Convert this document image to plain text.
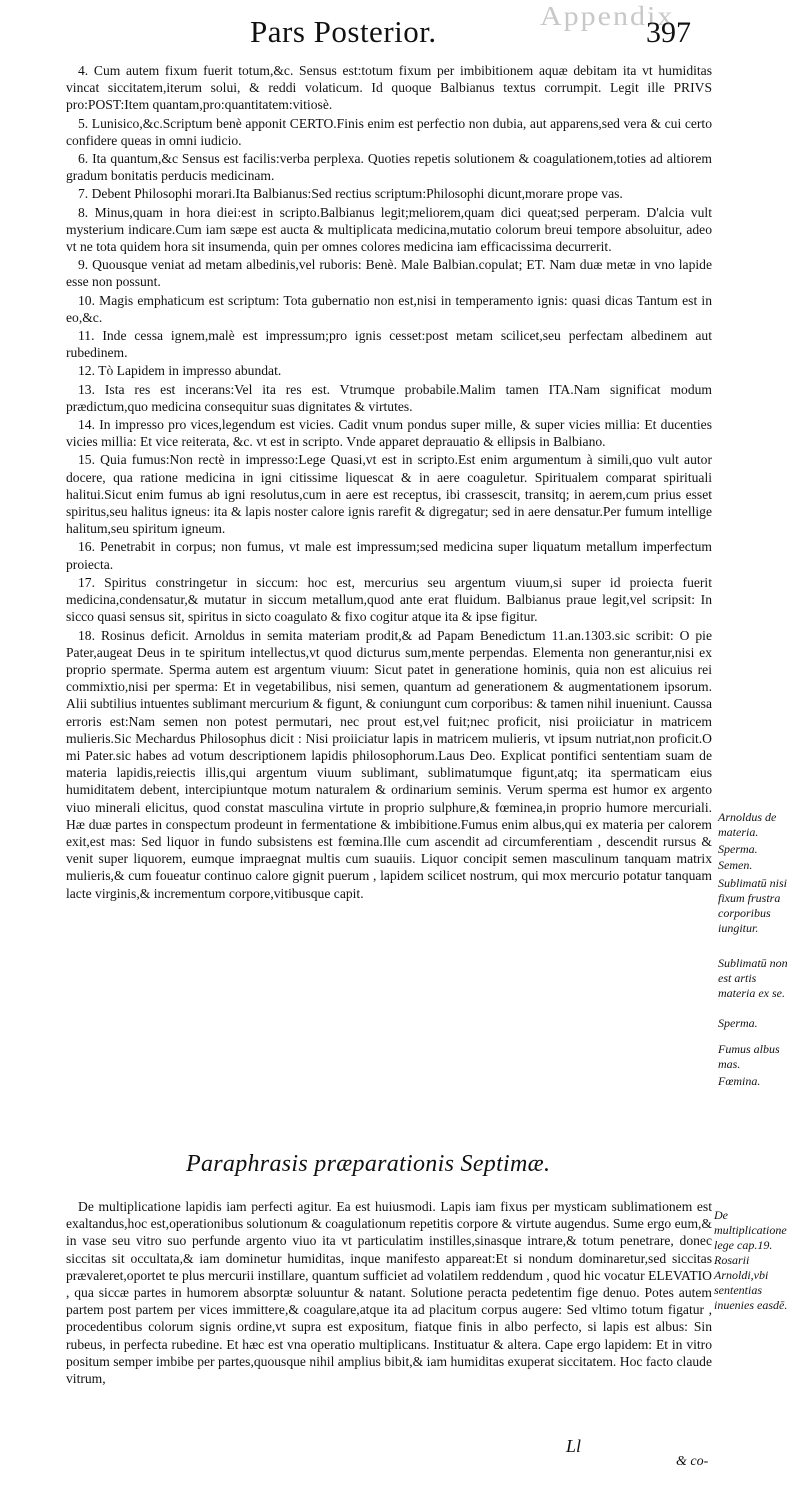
Appendix
Pars Posterior.	397

4. Cum autem fixum fuerit totum,&c. Sensus est:totum fixum per imbibitionem aquæ debitam ita vt humiditas vincat siccitatem,iterum solui, & reddi volaticum. Id quoque Balbianus textus corrumpit. Legit ille PRIVS pro:POST:Item quantam,pro:quantitatem:vitiosè.

5. Lunisico,&c.Scriptum benè apponit CERTO.Finis enim est perfectio non dubia, aut apparens,sed vera & cui certo confidere queas in omni iudicio.

6. Ita quantum,&c Sensus est facilis:verba perplexa. Quoties repetis solutionem & coagulationem,toties ad altiorem gradum bonitatis perducis medicinam.

7. Debent Philosophi morari.Ita Balbianus:Sed rectius scriptum:Philosophi dicunt,morare prope vas.

8. Minus,quam in hora diei:est in scripto.Balbianus legit;meliorem,quam dici queat;sed perperam. D'alcia vult mysterium indicare.Cum iam sæpe est aucta & multiplicata medicina,mutatio colorum breui tempore absoluitur, adeo vt ne tota quidem hora sit insumenda, quin per omnes colores medicina iam efficacissima decurrerit.

9. Quousque veniat ad metam albedinis,vel ruboris: Benè. Male Balbian.copulat; ET. Nam duæ metæ in vno lapide esse non possunt.

10. Magis emphaticum est scriptum: Tota gubernatio non est,nisi in temperamento ignis: quasi dicas Tantum est in eo,&c.

11. Inde cessa ignem,malè est impressum;pro ignis cesset:post metam scilicet,seu perfectam albedinem aut rubedinem.

12. Tò Lapidem in impresso abundat.

13. Ista res est incerans:Vel ita res est. Vtrumque probabile.Malim tamen ITA.Nam significat modum prædictum,quo medicina consequitur suas dignitates & virtutes.

14. In impresso pro vices,legendum est vicies. Cadit vnum pondus super mille, & super vicies millia: Et ducenties vicies millia: Et vice reiterata, &c. vt est in scripto. Vnde apparet deprauatio & ellipsis in Balbiano.

15. Quia fumus:Non rectè in impresso:Lege Quasi,vt est in scripto.Est enim argumentum à simili,quo vult autor docere, qua ratione medicina in igni citissime liquescat & in aere coaguletur. Spiritualem comparat spirituali halitui.Sicut enim fumus ab igni resolutus,cum in aere est receptus, ibi crassescit, transitq; in aerem,cum prius esset spiritus,seu halitus igneus: ita & lapis noster calore ignis rarefit & digregatur; sed in aere densatur.Per fumum intellige halitum,seu spiritum igneum.

16. Penetrabit in corpus; non fumus, vt male est impressum;sed medicina super liquatum metallum imperfectum proiecta.

17. Spiritus constringetur in siccum: hoc est, mercurius seu argentum viuum,si super id proiecta fuerit medicina,condensatur,& mutatur in siccum metallum,quod ante erat fluidum. Balbianus praue legit,vel scripsit: In sicco quasi sensus sit, spiritus in sicto coagulato & fixo cogitur atque ita & ipse figitur.

18. Rosinus deficit. Arnoldus in semita materiam prodit,& ad Papam Benedictum 11.an.1303.sic scribit: O pie Pater,augeat Deus in te spiritum intellectus,vt quod dicturus sum,mente perpendas. Elementa non generantur,nisi ex proprio spermate. Sperma autem est argentum viuum: Sicut patet in generatione hominis, quia non est alicuius rei commixtio,nisi per sperma: Et in vegetabilibus, nisi semen, quantum ad generationem & augmentationem ipsorum. Alii subtilius intuentes sublimant mercurium & figunt, & coniungunt cum corporibus: & tamen nihil inueniunt. Caussa erroris est:Nam semen non potest permutari, nec prout est,vel fuit;nec proficit, nisi proiiciatur in matricem mulieris.Sic Mechardus Philosophus dicit : Nisi proiiciatur lapis in matricem mulieris, vt ipsum nutriat,non proficit.O mi Pater.sic habes ad votum descriptionem lapidis philosophorum.Laus Deo. Explicat pontifici sententiam suam de materia lapidis,reiectis illis,qui argentum viuum sublimant, sublimatumque figunt,atq; ita spermaticam eius humiditatem debent, intercipiuntque motum naturalem & ordinarium seminis. Verum sperma est humor ex argento viuo minerali elicitus, quod constat masculina virtute in proprio sulphure,& fœminea,in proprio humore mercuriali. Hæ duæ partes in conspectum prodeunt in fermentatione & imbibitione.Fumus enim albus,qui ex materia per calorem exit,est mas: Sed liquor in fundo subsistens est fœmina.Ille cum ascendit ad circumferentiam , descendit rursus & venit super liquorem, eumque impraegnat multis cum suauiis. Liquor concipit semen masculinum tanquam matrix mulieris,& cum foueatur continuo calore gignit puerum , lapidem scilicet nostrum, qui mox mercurio potatur tanquam lacte virginis,& incrementum corpore,vitibusque capit.

Arnoldus de materia.
Sperma.
Semen.
Sublimatū nisi fixum frustra corporibus iungitur.
Sublimatū non est artis materia ex se.
Sperma.
Fumus albus mas.
Fœmina.
Paraphrasis præparationis Septimæ.

De multiplicatione lapidis iam perfecti agitur. Ea est huiusmodi. Lapis iam fixus per mysticam sublimationem est exaltandus,hoc est,operationibus solutionum & coagulationum repetitis corpore & virtute augendus. Sume ergo eum,& in vase seu vitro suo perfunde argento viuo ita vt particulatim instilles,sinasque intrare,& totum penetrare, donec siccitas sit occultata,& iam dominetur humiditas, inque manifesto appareat:Et si nondum dominaretur,sed siccitas prævaleret,oportet te plus mercurii instillare, quantum sufficiet ad volatilem reddendum , quod hic vocatur ELEVATIO , qua siccæ partes in humorem absorptæ soluuntur & natant. Solutione peracta pedetentim fige denuo. Potes autem partem post partem per vices immittere,& coagulare,atque ita ad placitum corpus augere: Sed vltimo totum figatur , procedentibus colorum signis ordine,vt supra est expositum, fiatque finis in albo perfecto, si lapis est albus: Sin rubeus, in perfecta rubedine. Et hæc est vna operatio multiplicans. Instituatur & altera. Cape ergo lapidem: Et in vitro positum semper imbibe per partes,quousque nihil amplius bibit,& iam humiditas exuperat siccitatem. Hoc facto claude vitrum,

De multiplicatione lege cap.19. Rosarii Arnoldi,vbi sententias inuenies easdē.
Ll
& co-
